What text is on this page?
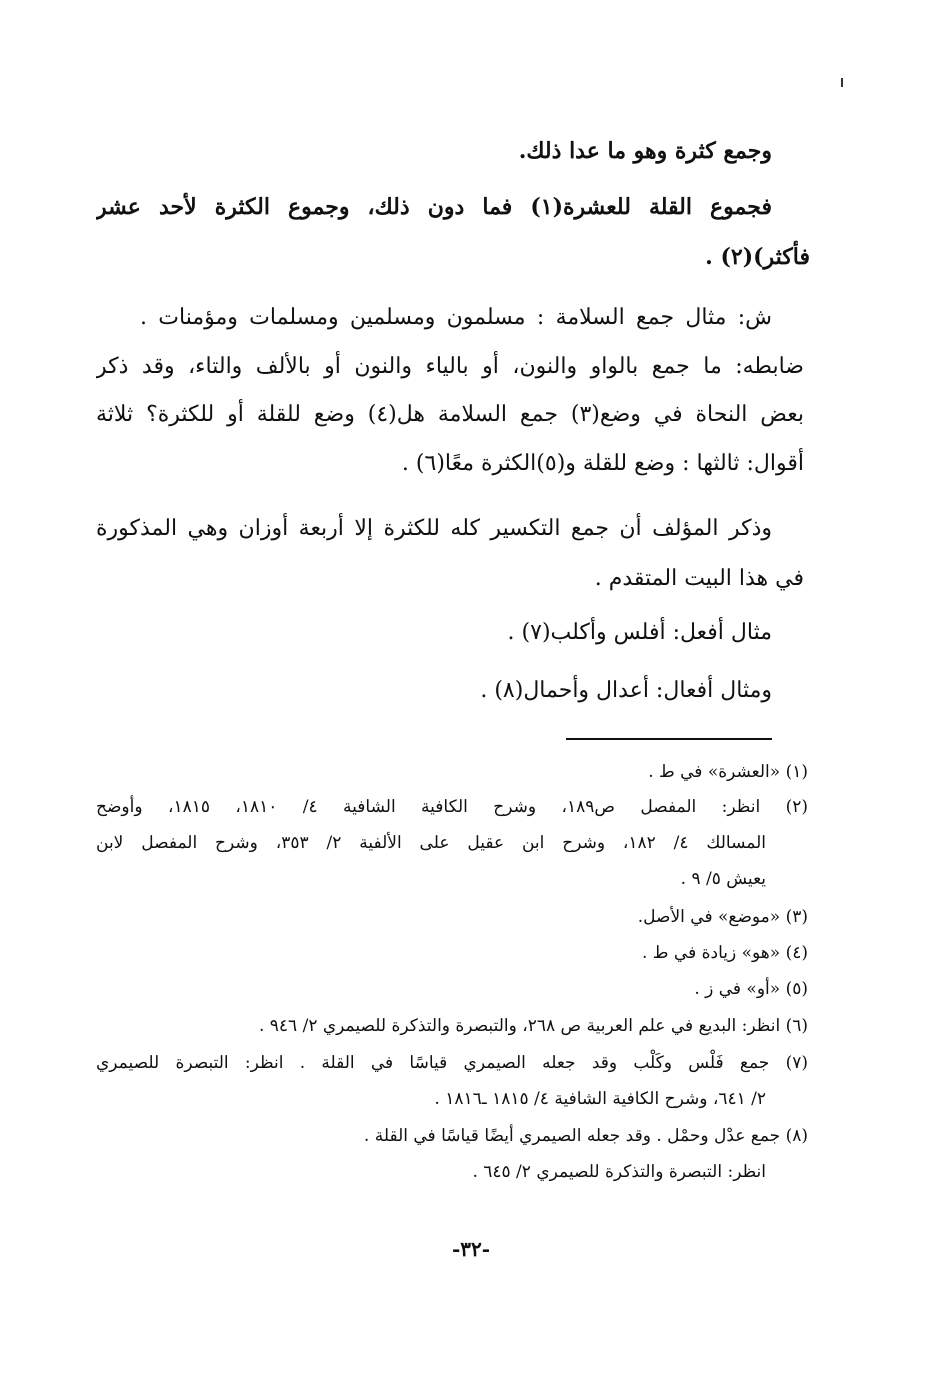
وجمع كثرة وهو ما عدا ذلك.
فجموع القلة للعشرة(١) فما دون ذلك، وجموع الكثرة لأحد عشر
فأكثر)(٢) .
ش: مثال جمع السلامة : مسلمون ومسلمين ومسلمات ومؤمنات .
ضابطه: ما جمع بالواو والنون، أو بالياء والنون أو بالألف والتاء، وقد ذكر
بعض النحاة في وضع(٣) جمع السلامة هل(٤) وضع للقلة أو للكثرة؟ ثلاثة
أقوال: ثالثها : وضع للقلة و(٥)الكثرة معًا(٦) .
وذكر المؤلف أن جمع التكسير كله للكثرة إلا أربعة أوزان وهي المذكورة
في هذا البيت المتقدم .
مثال أفعل: أفلس وأكلب(٧) .
ومثال أفعال: أعدال وأحمال(٨) .
(١) «العشرة» في ط .
(٢) انظر: المفصل ص١٨٩، وشرح الكافية الشافية ٤/ ١٨١٠، ١٨١٥، وأوضح
المسالك ٤/ ١٨٢، وشرح ابن عقيل على الألفية ٢/ ٣٥٣، وشرح المفصل لابن
يعيش ٥/ ٩ .
(٣) «موضع» في الأصل.
(٤) «هو» زيادة في ط .
(٥) «أو» في ز .
(٦) انظر: البديع في علم العربية ص ٢٦٨، والتبصرة والتذكرة للصيمري ٢/ ٩٤٦ .
(٧) جمع فَلْس وكَلْب وقد جعله الصيمري قياسًا في القلة . انظر: التبصرة للصيمري
٢/ ٦٤١، وشرح الكافية الشافية ٤/ ١٨١٥ ـ١٨١٦ .
(٨) جمع عدْل وحمْل . وقد جعله الصيمري أيضًا قياسًا في القلة .
انظر: التبصرة والتذكرة للصيمري ٢/ ٦٤٥ .
-٣٢-
